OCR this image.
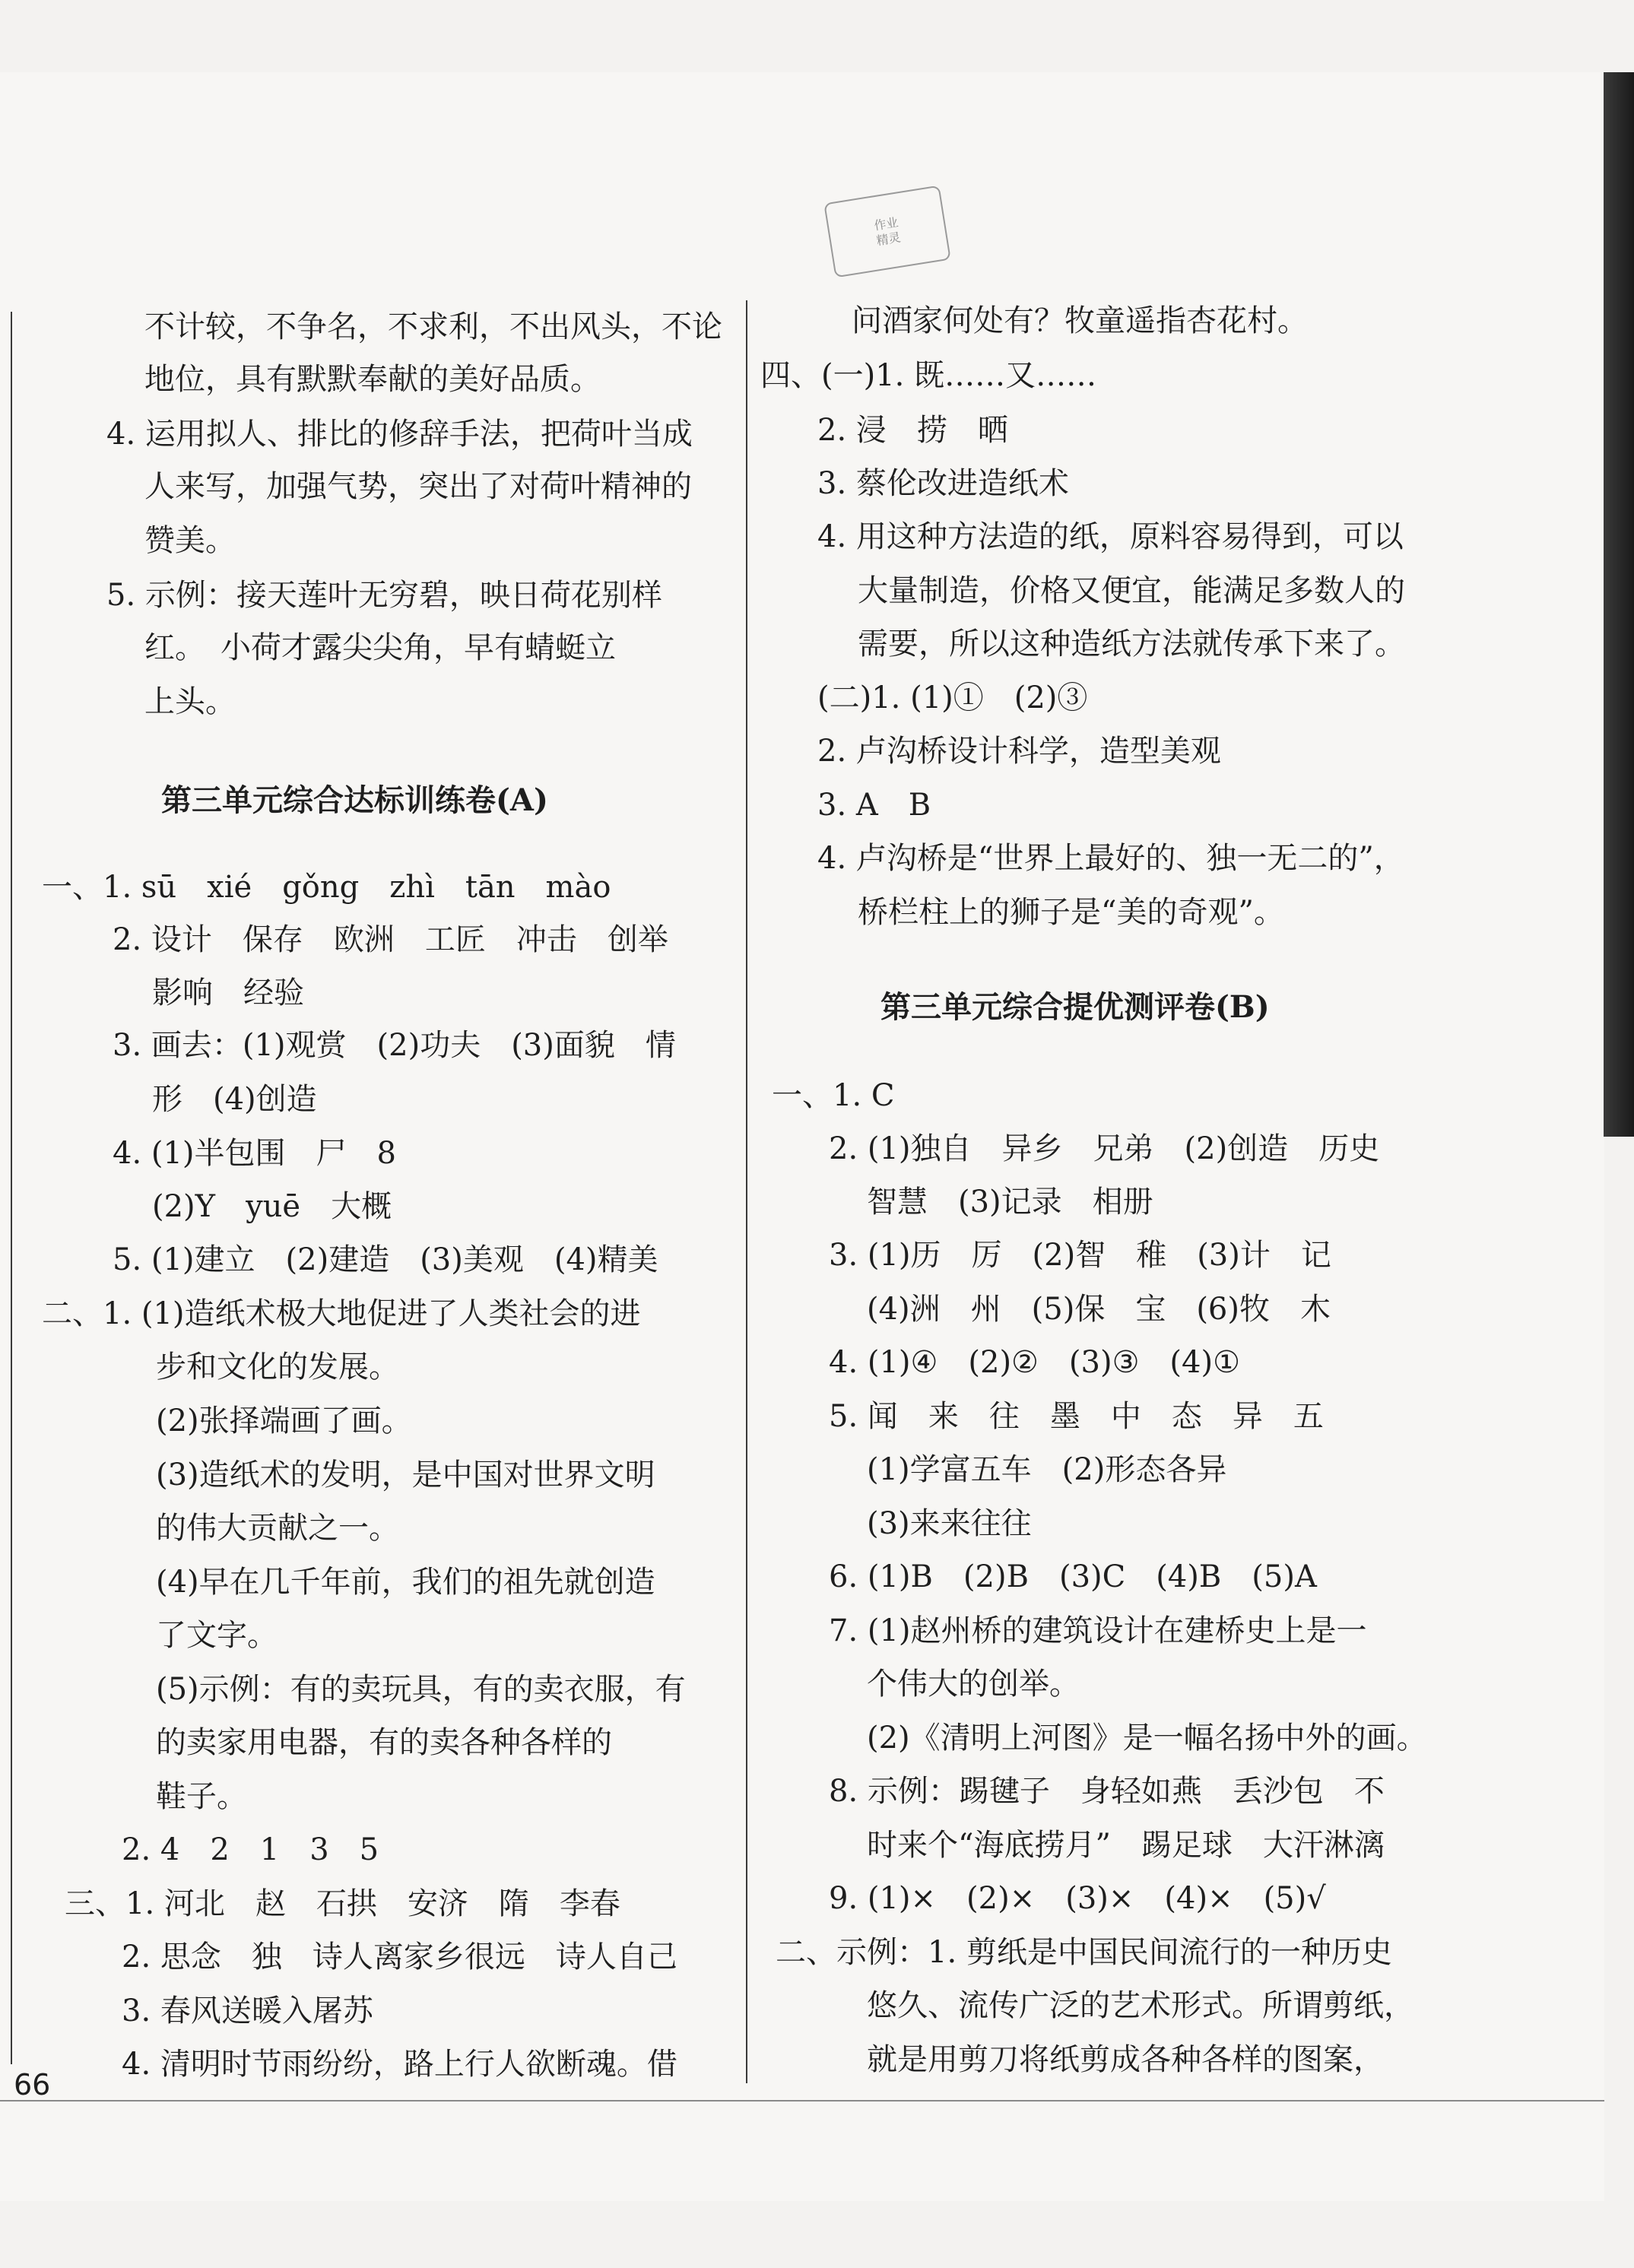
作业
精灵
不计较，不争名，不求利，不出风头，不论
地位，具有默默奉献的美好品质。
4. 运用拟人、排比的修辞手法，把荷叶当成
人来写，加强气势，突出了对荷叶精神的
赞美。
5. 示例：接天莲叶无穷碧，映日荷花别样
红。　小荷才露尖尖角，早有蜻蜓立
上头。
第三单元综合达标训练卷(A)
一、1. sū　xié　gǒng　zhì　tān　mào
2. 设计　保存　欧洲　工匠　冲击　创举
影响　经验
3. 画去：(1)观赏　(2)功夫　(3)面貌　情
形　(4)创造
4. (1)半包围　尸　8
(2)Y　yuē　大概
5. (1)建立　(2)建造　(3)美观　(4)精美
二、1. (1)造纸术极大地促进了人类社会的进
步和文化的发展。
(2)张择端画了画。
(3)造纸术的发明，是中国对世界文明
的伟大贡献之一。
(4)早在几千年前，我们的祖先就创造
了文字。
(5)示例：有的卖玩具，有的卖衣服，有
的卖家用电器，有的卖各种各样的
鞋子。
2. 4　2　1　3　5
三、1. 河北　赵　石拱　安济　隋　李春
2. 思念　独　诗人离家乡很远　诗人自己
3. 春风送暖入屠苏
4. 清明时节雨纷纷，路上行人欲断魂。借
问酒家何处有？牧童遥指杏花村。
四、(一)1. 既……又……
2. 浸　捞　晒
3. 蔡伦改进造纸术
4. 用这种方法造的纸，原料容易得到，可以
大量制造，价格又便宜，能满足多数人的
需要，所以这种造纸方法就传承下来了。
(二)1. (1)①　(2)③
2. 卢沟桥设计科学，造型美观
3. A　B
4. 卢沟桥是“世界上最好的、独一无二的”，
桥栏柱上的狮子是“美的奇观”。
第三单元综合提优测评卷(B)
一、1. C
2. (1)独自　异乡　兄弟　(2)创造　历史
智慧　(3)记录　相册
3. (1)历　厉　(2)智　稚　(3)计　记
(4)洲　州　(5)保　宝　(6)牧　木
4. (1)④　(2)②　(3)③　(4)①
5. 闻　来　往　墨　中　态　异　五
(1)学富五车　(2)形态各异
(3)来来往往
6. (1)B　(2)B　(3)C　(4)B　(5)A
7. (1)赵州桥的建筑设计在建桥史上是一
个伟大的创举。
(2)《清明上河图》是一幅名扬中外的画。
8. 示例：踢毽子　身轻如燕　丢沙包　不
时来个“海底捞月”　踢足球　大汗淋漓
9. (1)×　(2)×　(3)×　(4)×　(5)√
二、示例：1. 剪纸是中国民间流行的一种历史
悠久、流传广泛的艺术形式。所谓剪纸，
就是用剪刀将纸剪成各种各样的图案，
66
